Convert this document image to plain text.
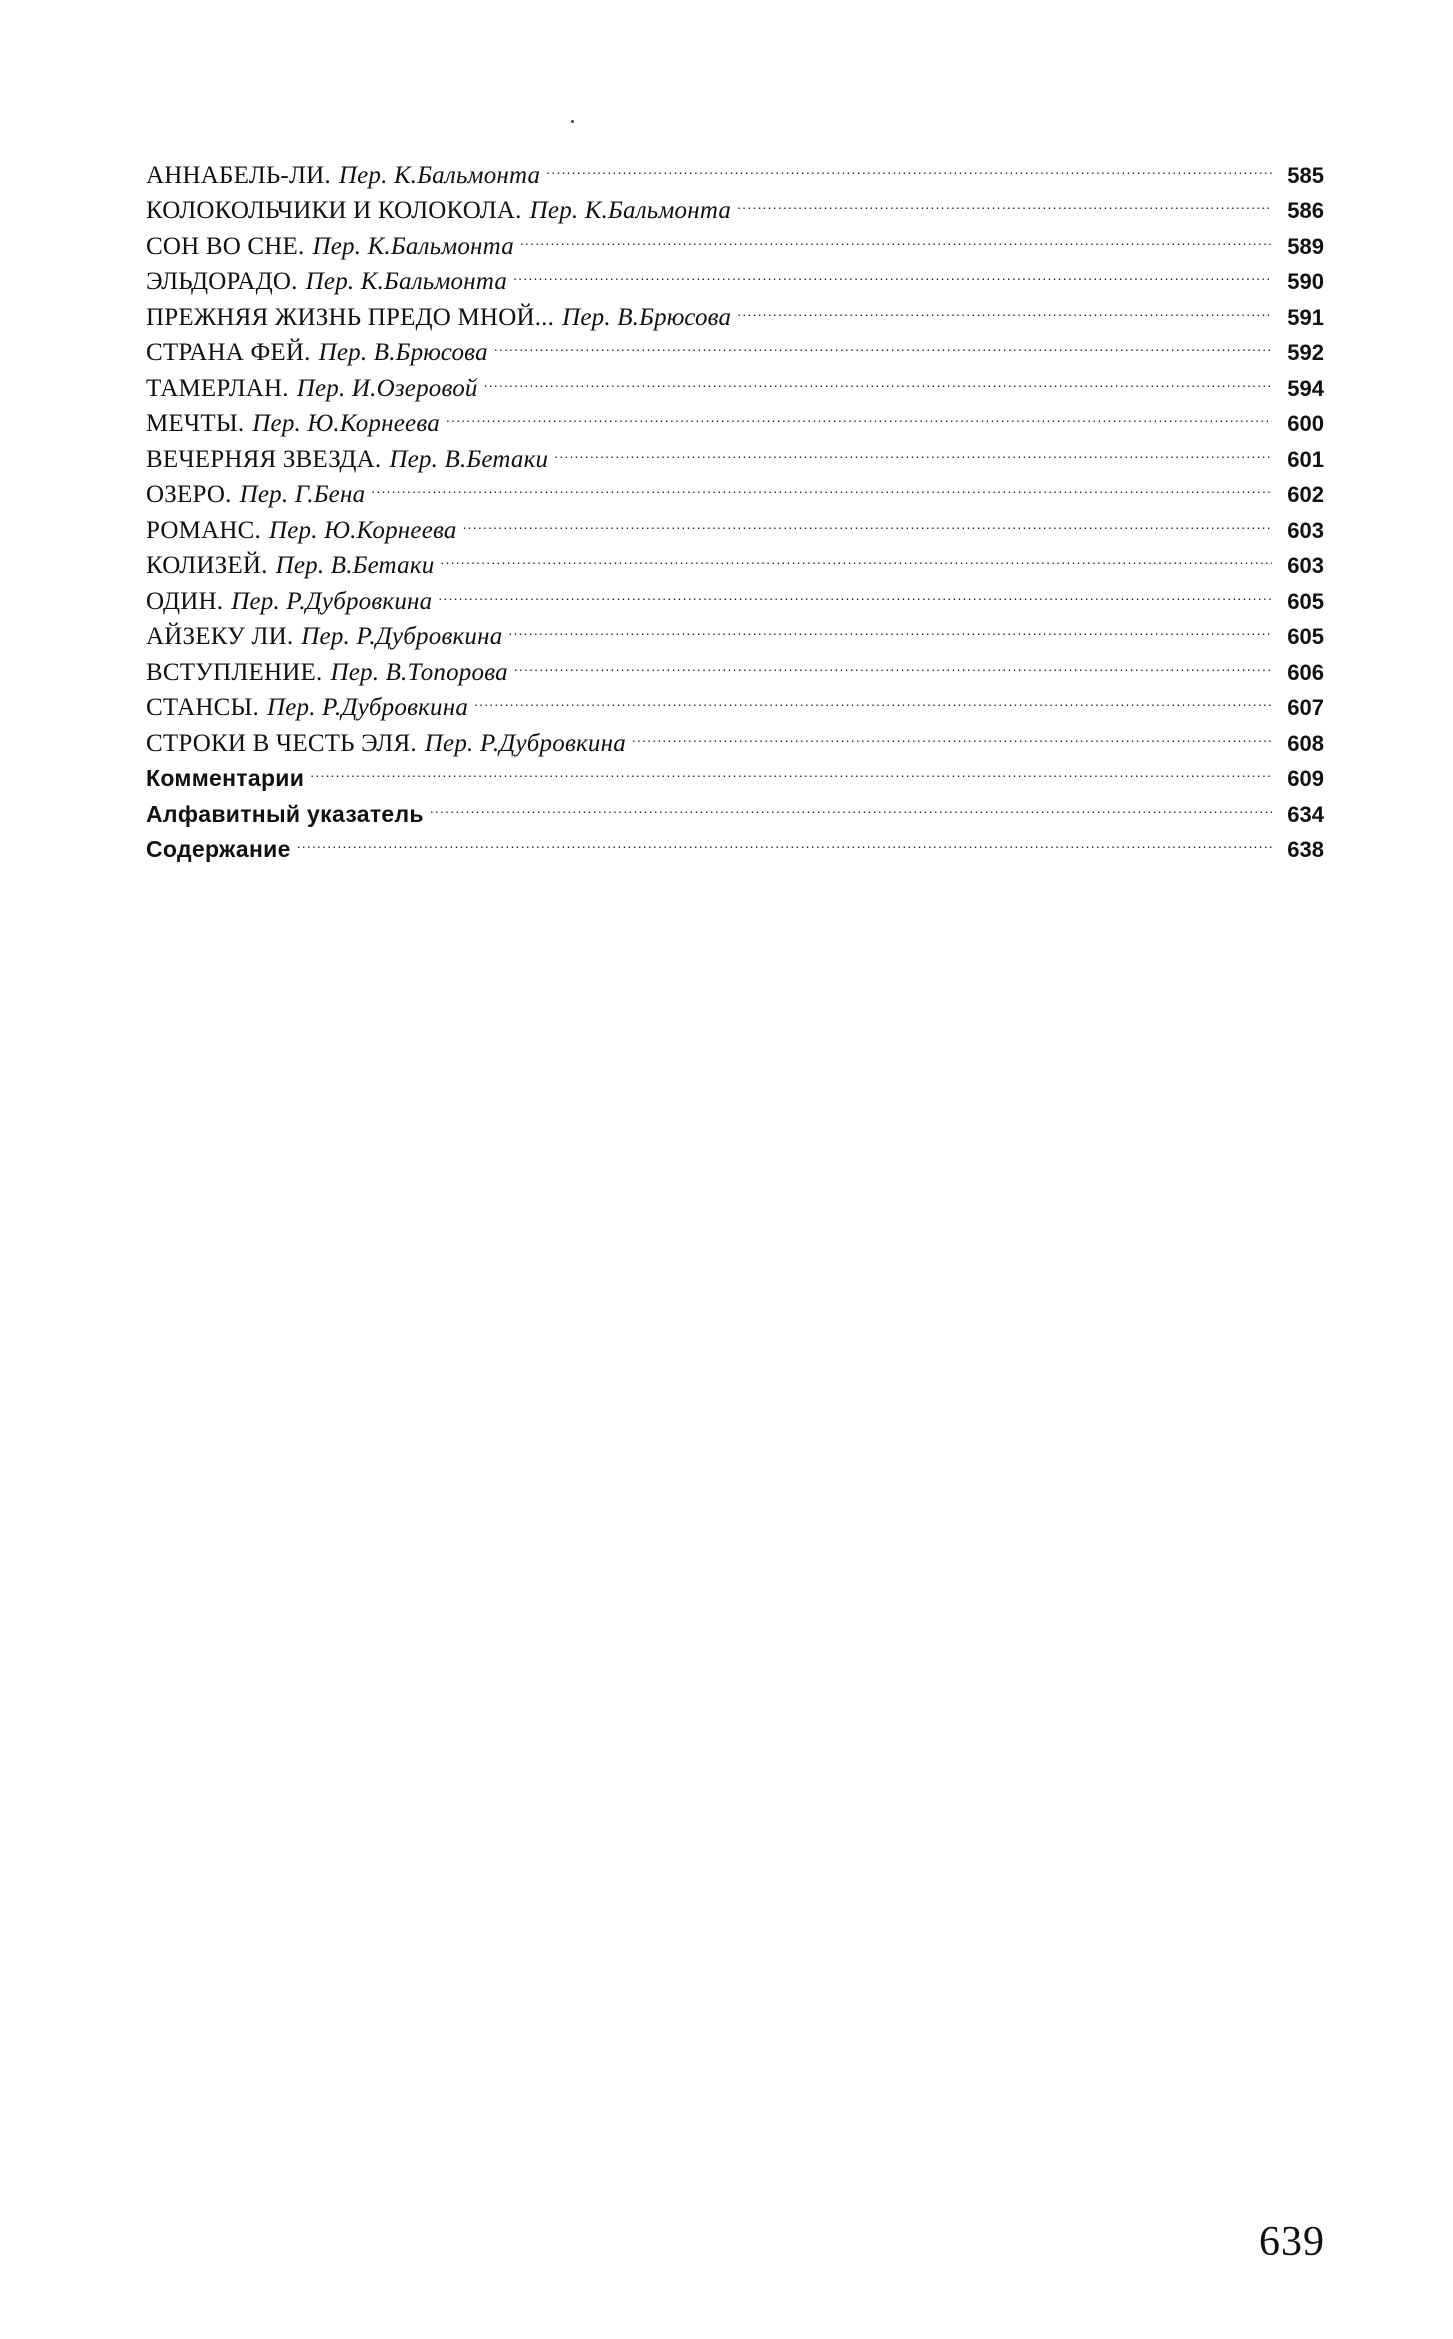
АННАБЕЛЬ-ЛИ. Пер. К.Бальмонта .....	585
КОЛОКОЛЬЧИКИ И КОЛОКОЛА. Пер. К.Бальмонта .....	586
СОН ВО СНЕ. Пер. К.Бальмонта .....	589
ЭЛЬДОРАДО. Пер. К.Бальмонта .....	590
ПРЕЖНЯЯ ЖИЗНЬ ПРЕДО МНОЙ... Пер. В.Брюсова .....	591
СТРАНА ФЕЙ. Пер. В.Брюсова .....	592
ТАМЕРЛАН. Пер. И.Озеровой .....	594
МЕЧТЫ. Пер. Ю.Корнеева .....	600
ВЕЧЕРНЯЯ ЗВЕЗДА. Пер. В.Бетаки .....	601
ОЗЕРО. Пер. Г.Бена .....	602
РОМАНС. Пер. Ю.Корнеева .....	603
КОЛИЗЕЙ. Пер. В.Бетаки .....	603
ОДИН. Пер. Р.Дубровкина .....	605
АЙЗЕКУ ЛИ. Пер. Р.Дубровкина .....	605
ВСТУПЛЕНИЕ. Пер. В.Топорова .....	606
СТАНСЫ. Пер. Р.Дубровкина .....	607
СТРОКИ В ЧЕСТЬ ЭЛЯ. Пер. Р.Дубровкина .....	608
Комментарии .....	609
Алфавитный указатель .....	634
Содержание .....	638
639
